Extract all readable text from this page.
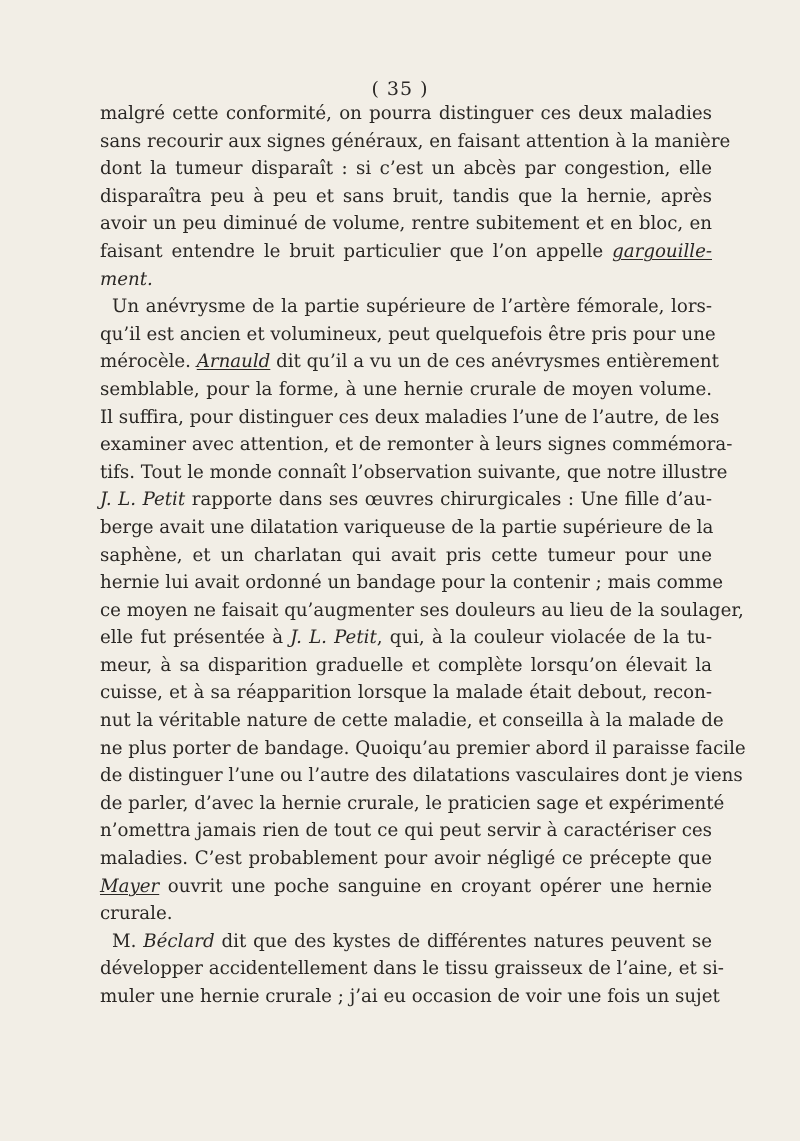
( 35 )
malgré cette conformité, on pourra distinguer ces deux maladies
sans recourir aux signes généraux, en faisant attention à la manière
dont la tumeur disparaît : si c’est un abcès par congestion, elle
disparaîtra peu à peu et sans bruit, tandis que la hernie, après
avoir un peu diminué de volume, rentre subitement et en bloc, en
faisant entendre le bruit particulier que l’on appelle gargouille-
ment.
Un anévrysme de la partie supérieure de l’artère fémorale, lors-
qu’il est ancien et volumineux, peut quelquefois être pris pour une
mérocèle. Arnauld dit qu’il a vu un de ces anévrysmes entièrement
semblable, pour la forme, à une hernie crurale de moyen volume.
Il suffira, pour distinguer ces deux maladies l’une de l’autre, de les
examiner avec attention, et de remonter à leurs signes commémora-
tifs. Tout le monde connaît l’observation suivante, que notre illustre
J. L. Petit rapporte dans ses œuvres chirurgicales : Une fille d’au-
berge avait une dilatation variqueuse de la partie supérieure de la
saphène, et un charlatan qui avait pris cette tumeur pour une
hernie lui avait ordonné un bandage pour la contenir ; mais comme
ce moyen ne faisait qu’augmenter ses douleurs au lieu de la soulager,
elle fut présentée à J. L. Petit, qui, à la couleur violacée de la tu-
meur, à sa disparition graduelle et complète lorsqu’on élevait la
cuisse, et à sa réapparition lorsque la malade était debout, recon-
nut la véritable nature de cette maladie, et conseilla à la malade de
ne plus porter de bandage. Quoiqu’au premier abord il paraisse facile
de distinguer l’une ou l’autre des dilatations vasculaires dont je viens
de parler, d’avec la hernie crurale, le praticien sage et expérimenté
n’omettra jamais rien de tout ce qui peut servir à caractériser ces
maladies. C’est probablement pour avoir négligé ce précepte que
Mayer ouvrit une poche sanguine en croyant opérer une hernie
crurale.
M. Béclard dit que des kystes de différentes natures peuvent se
développer accidentellement dans le tissu graisseux de l’aine, et si-
muler une hernie crurale ; j’ai eu occasion de voir une fois un sujet
